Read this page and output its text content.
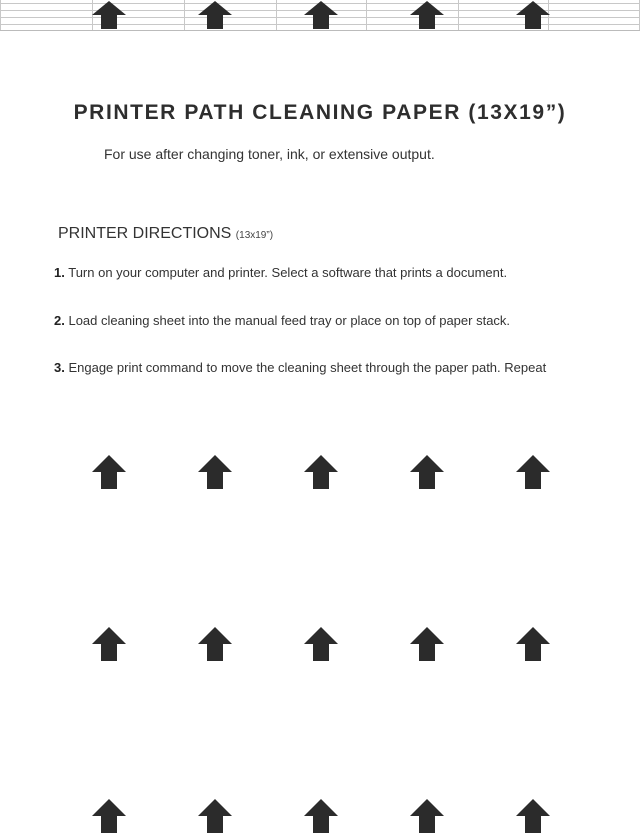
PRINTER PATH CLEANING PAPER (13X19”)

For use after changing toner, ink, or extensive output.

PRINTER DIRECTIONS (13x19”)

1. Turn on your computer and printer. Select a software that prints a document.

2. Load cleaning sheet into the manual feed tray or place on top of paper stack.

3. Engage print command to move the cleaning sheet through the paper path. Repeat
